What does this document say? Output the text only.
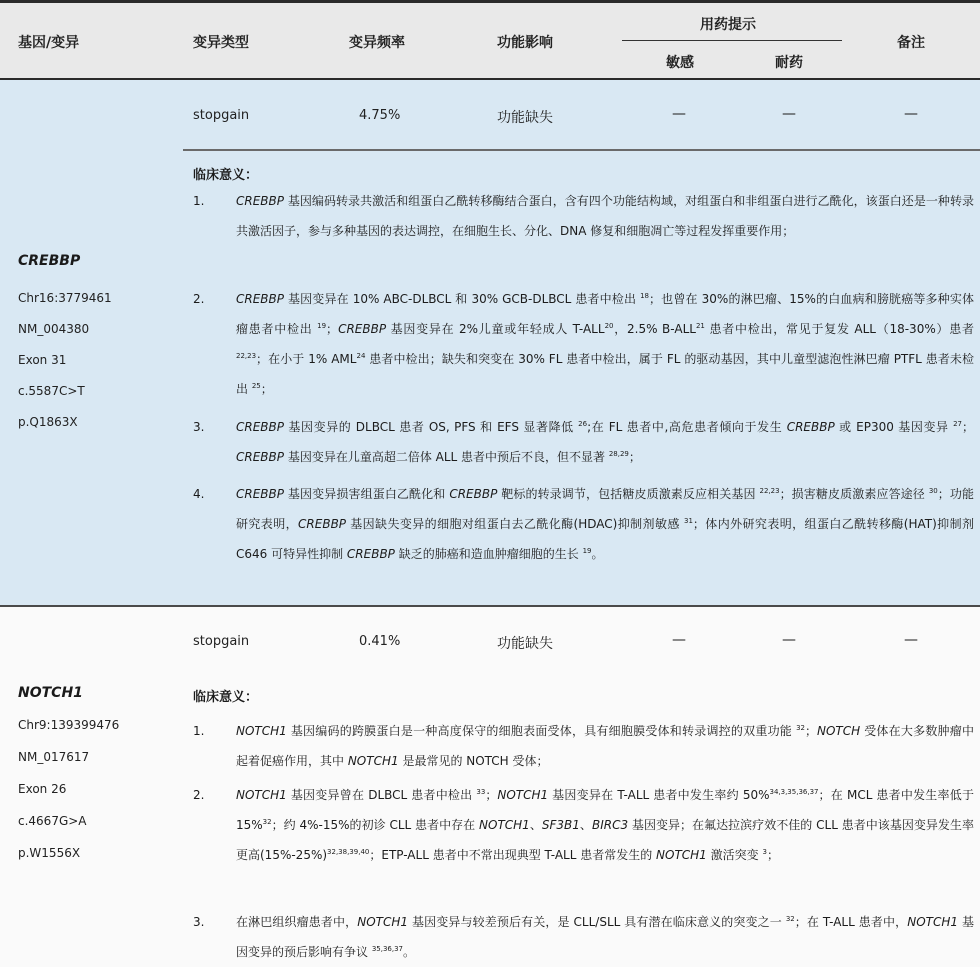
基因/变异	变异类型	变异频率	功能影响
用药提示
敏感	耐药
备注
stopgain	4.75%	功能缺失	—	—	—
CREBBP
Chr16:3779461
NM_004380
Exon 31
c.5587C>T
p.Q1863X
临床意义：
1.	CREBBP 基因编码转录共激活和组蛋白乙酰转移酶结合蛋白，含有四个功能结构域，对组蛋白和非组蛋白进行乙酰化，该蛋白还是一种转录共激活因子，参与多种基因的表达调控，在细胞生长、分化、DNA 修复和细胞凋亡等过程发挥重要作用；
2.	CREBBP 基因变异在 10% ABC-DLBCL 和 30% GCB-DLBCL 患者中检出 $^{18}$；也曾在 30%的淋巴瘤、15%的白血病和膀胱癌等多种实体瘤患者中检出 $^{19}$；CREBBP 基因变异在 2%儿童或年轻成人 T-ALL$^{20}$，2.5% B-ALL$^{21}$ 患者中检出，常见于复发 ALL（18-30%）患者 $^{22,23}$；在小于 1% AML$^{24}$ 患者中检出；缺失和突变在 30% FL 患者中检出，属于 FL 的驱动基因，其中儿童型滤泡性淋巴瘤 PTFL 患者未检出 $^{25}$；
3.	CREBBP 基因变异的 DLBCL 患者 OS, PFS 和 EFS 显著降低 $^{26}$;在 FL 患者中,高危患者倾向于发生 CREBBP 或 EP300 基因变异 $^{27}$； CREBBP 基因变异在儿童高超二倍体 ALL 患者中预后不良，但不显著 $^{28,29}$；
4.	CREBBP 基因变异损害组蛋白乙酰化和 CREBBP 靶标的转录调节，包括糖皮质激素反应相关基因 $^{22,23}$；损害糖皮质激素应答途径 $^{30}$；功能研究表明，CREBBP 基因缺失变异的细胞对组蛋白去乙酰化酶(HDAC)抑制剂敏感 $^{31}$；体内外研究表明，组蛋白乙酰转移酶(HAT)抑制剂 C646 可特异性抑制 CREBBP 缺乏的肺癌和造血肿瘤细胞的生长 $^{19}$。
stopgain	0.41%	功能缺失	—	—	—
NOTCH1
Chr9:139399476
NM_017617
Exon 26
c.4667G>A
p.W1556X
临床意义：
1.	NOTCH1 基因编码的跨膜蛋白是一种高度保守的细胞表面受体，具有细胞膜受体和转录调控的双重功能 $^{32}$；NOTCH 受体在大多数肿瘤中起着促癌作用，其中 NOTCH1 是最常见的 NOTCH 受体；
2.	NOTCH1 基因变异曾在 DLBCL 患者中检出 $^{33}$；NOTCH1 基因变异在 T-ALL 患者中发生率约 50%$^{34,3,35,36,37}$；在 MCL 患者中发生率低于 15%$^{32}$；约 4%-15%的初诊 CLL 患者中存在 NOTCH1、SF3B1、BIRC3 基因变异；在氟达拉滨疗效不佳的 CLL 患者中该基因变异发生率更高$(15\%-25\%)^{32,38,39,40}$；ETP-ALL 患者中不常出现典型 T-ALL 患者常发生的 NOTCH1 激活突变 $^3$；
3.	在淋巴组织瘤患者中，NOTCH1 基因变异与较差预后有关，是 CLL/SLL 具有潜在临床意义的突变之一 $^{32}$；在 T-ALL 患者中，NOTCH1 基因变异的预后影响有争议 $^{35,36,37}$。
